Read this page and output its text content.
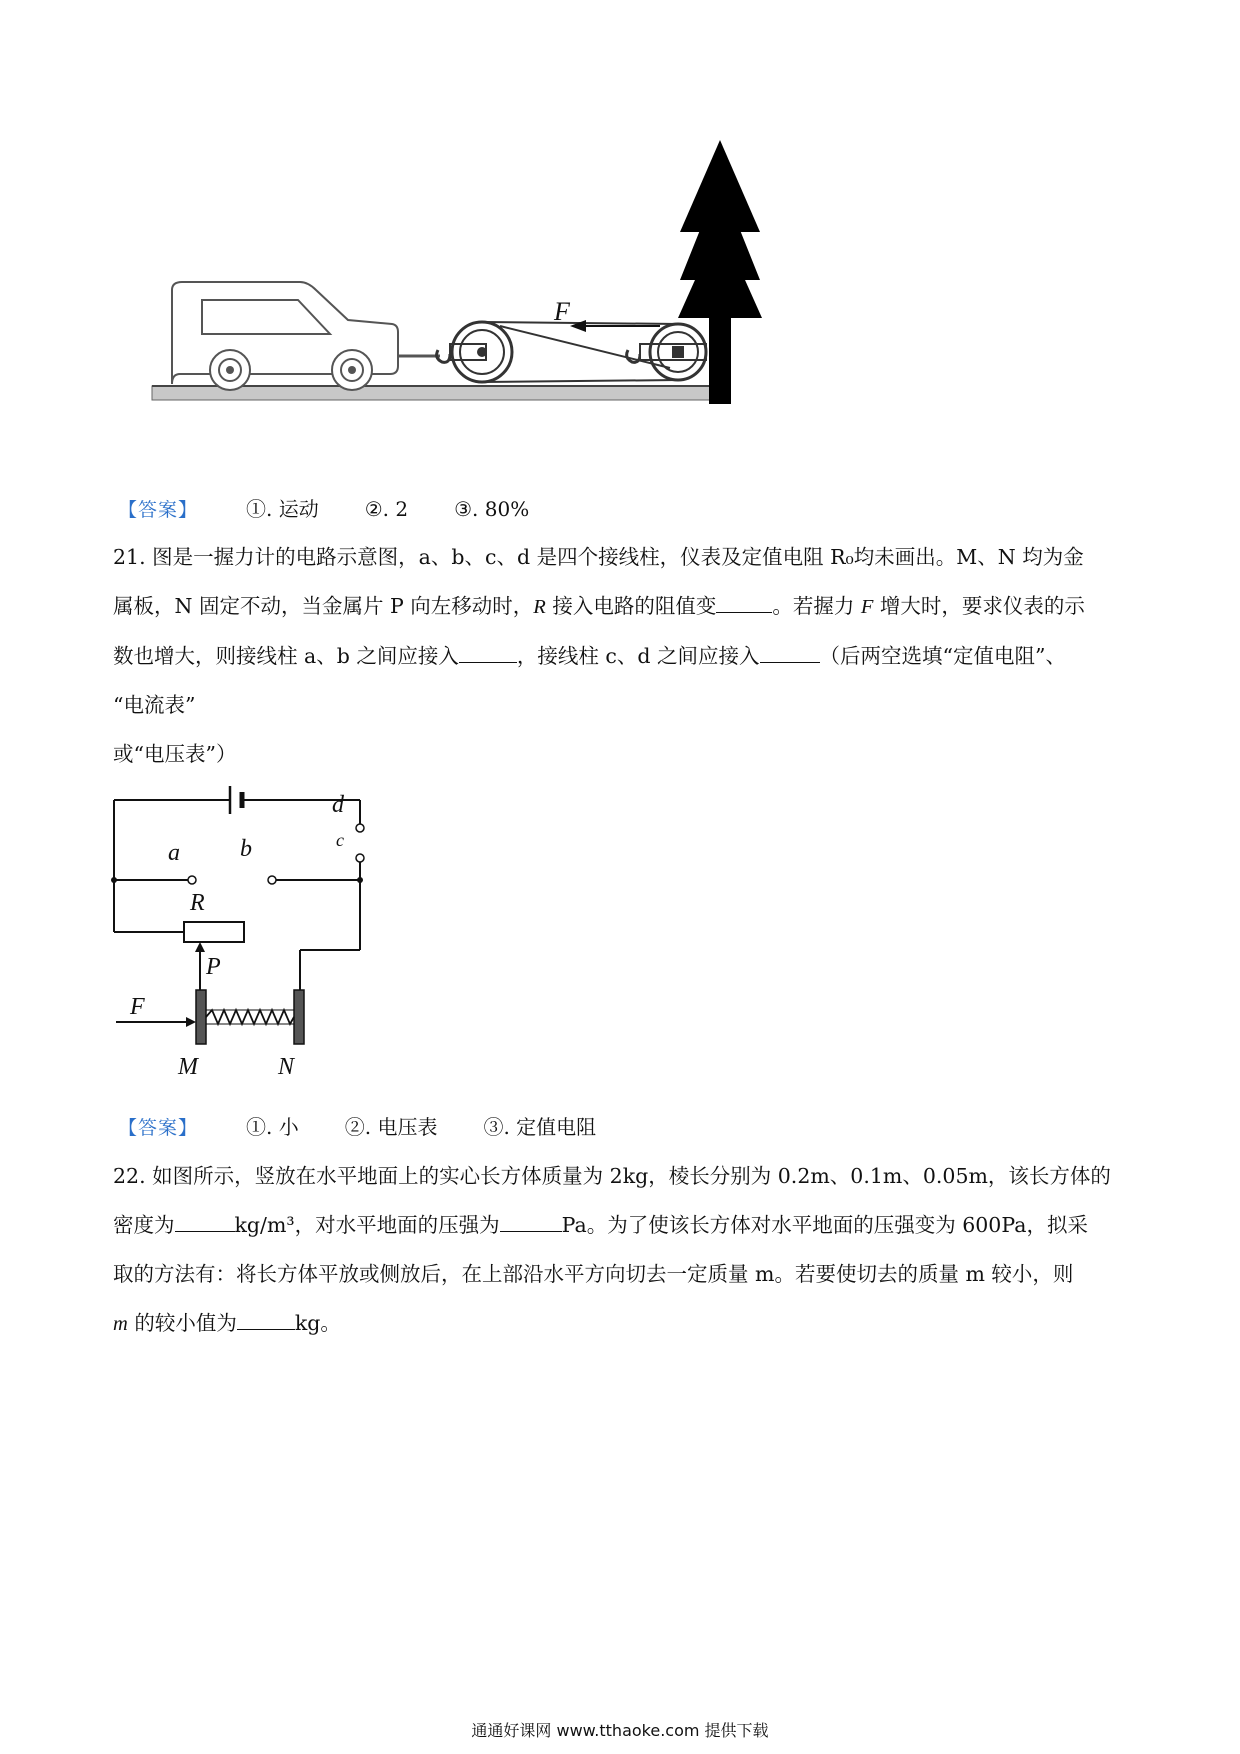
F
【答案】 ①. 运动 ②. 2 ③. 80%
21. 图是一握力计的电路示意图，a、b、c、d 是四个接线柱，仪表及定值电阻 R₀均未画出。M、N 均为金
属板，N 固定不动，当金属片 P 向左移动时，R 接入电路的阻值变	。若握力 F 增大时，要求仪表的示
数也增大，则接线柱 a、b 之间应接入	，接线柱 c、d 之间应接入	（后两空选填“定值电阻”、
“电流表”
或“电压表”）
d
a	b	c
R
P
F
M	N
【答案】 ①. 小 ②. 电压表 ③. 定值电阻
22. 如图所示，竖放在水平地面上的实心长方体质量为 2kg，棱长分别为 0.2m、0.1m、0.05m，该长方体的
密度为	kg/m³，对水平地面的压强为	Pa。为了使该长方体对水平地面的压强变为 600Pa，拟采
取的方法有：将长方体平放或侧放后，在上部沿水平方向切去一定质量 m。若要使切去的质量 m 较小，则
m 的较小值为	kg。
通通好课网 www.tthaoke.com 提供下载
